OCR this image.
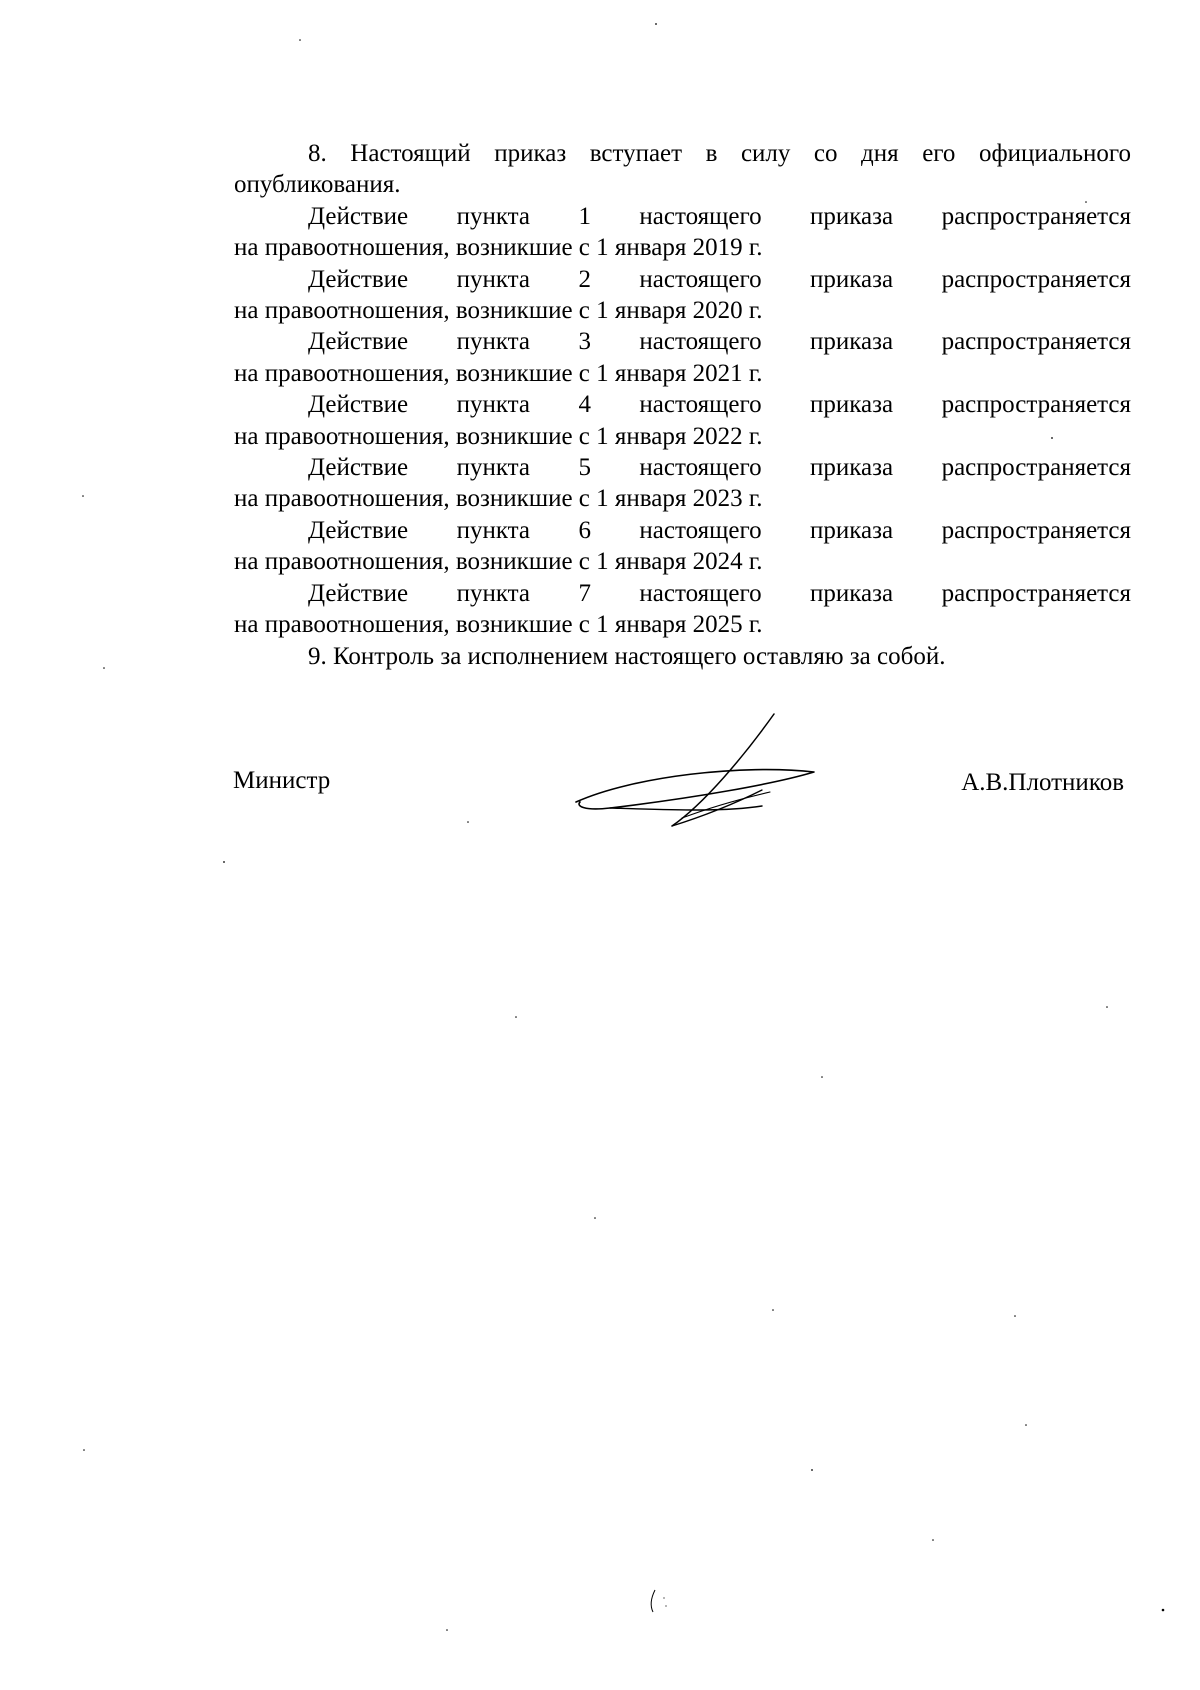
8. Настоящий приказ вступает в силу со дня его официального
опубликования.

Действие пункта 1 настоящего приказа распространяется
на правоотношения, возникшие с 1 января 2019 г.

Действие пункта 2 настоящего приказа распространяется
на правоотношения, возникшие с 1 января 2020 г.

Действие пункта 3 настоящего приказа распространяется
на правоотношения, возникшие с 1 января 2021 г.

Действие пункта 4 настоящего приказа распространяется
на правоотношения, возникшие с 1 января 2022 г.

Действие пункта 5 настоящего приказа распространяется
на правоотношения, возникшие с 1 января 2023 г.

Действие пункта 6 настоящего приказа распространяется
на правоотношения, возникшие с 1 января 2024 г.

Действие пункта 7 настоящего приказа распространяется
на правоотношения, возникшие с 1 января 2025 г.

9. Контроль за исполнением настоящего оставляю за собой.

Министр	А.В.Плотников
